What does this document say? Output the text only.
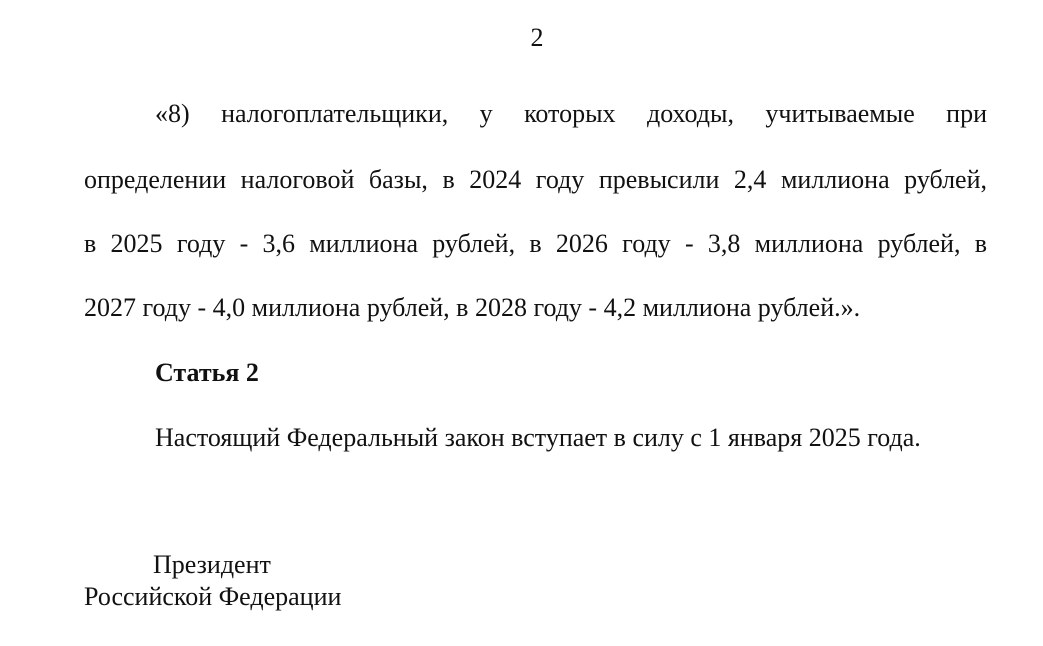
2
«8) налогоплательщики, у которых доходы, учитываемые при
определении налоговой базы, в 2024 году превысили 2,4 миллиона рублей,
в 2025 году - 3,6 миллиона рублей, в 2026 году - 3,8 миллиона рублей, в
2027 году - 4,0 миллиона рублей, в 2028 году - 4,2 миллиона рублей.».
Статья 2
Настоящий Федеральный закон вступает в силу с 1 января 2025 года.
Президент
Российской Федерации
